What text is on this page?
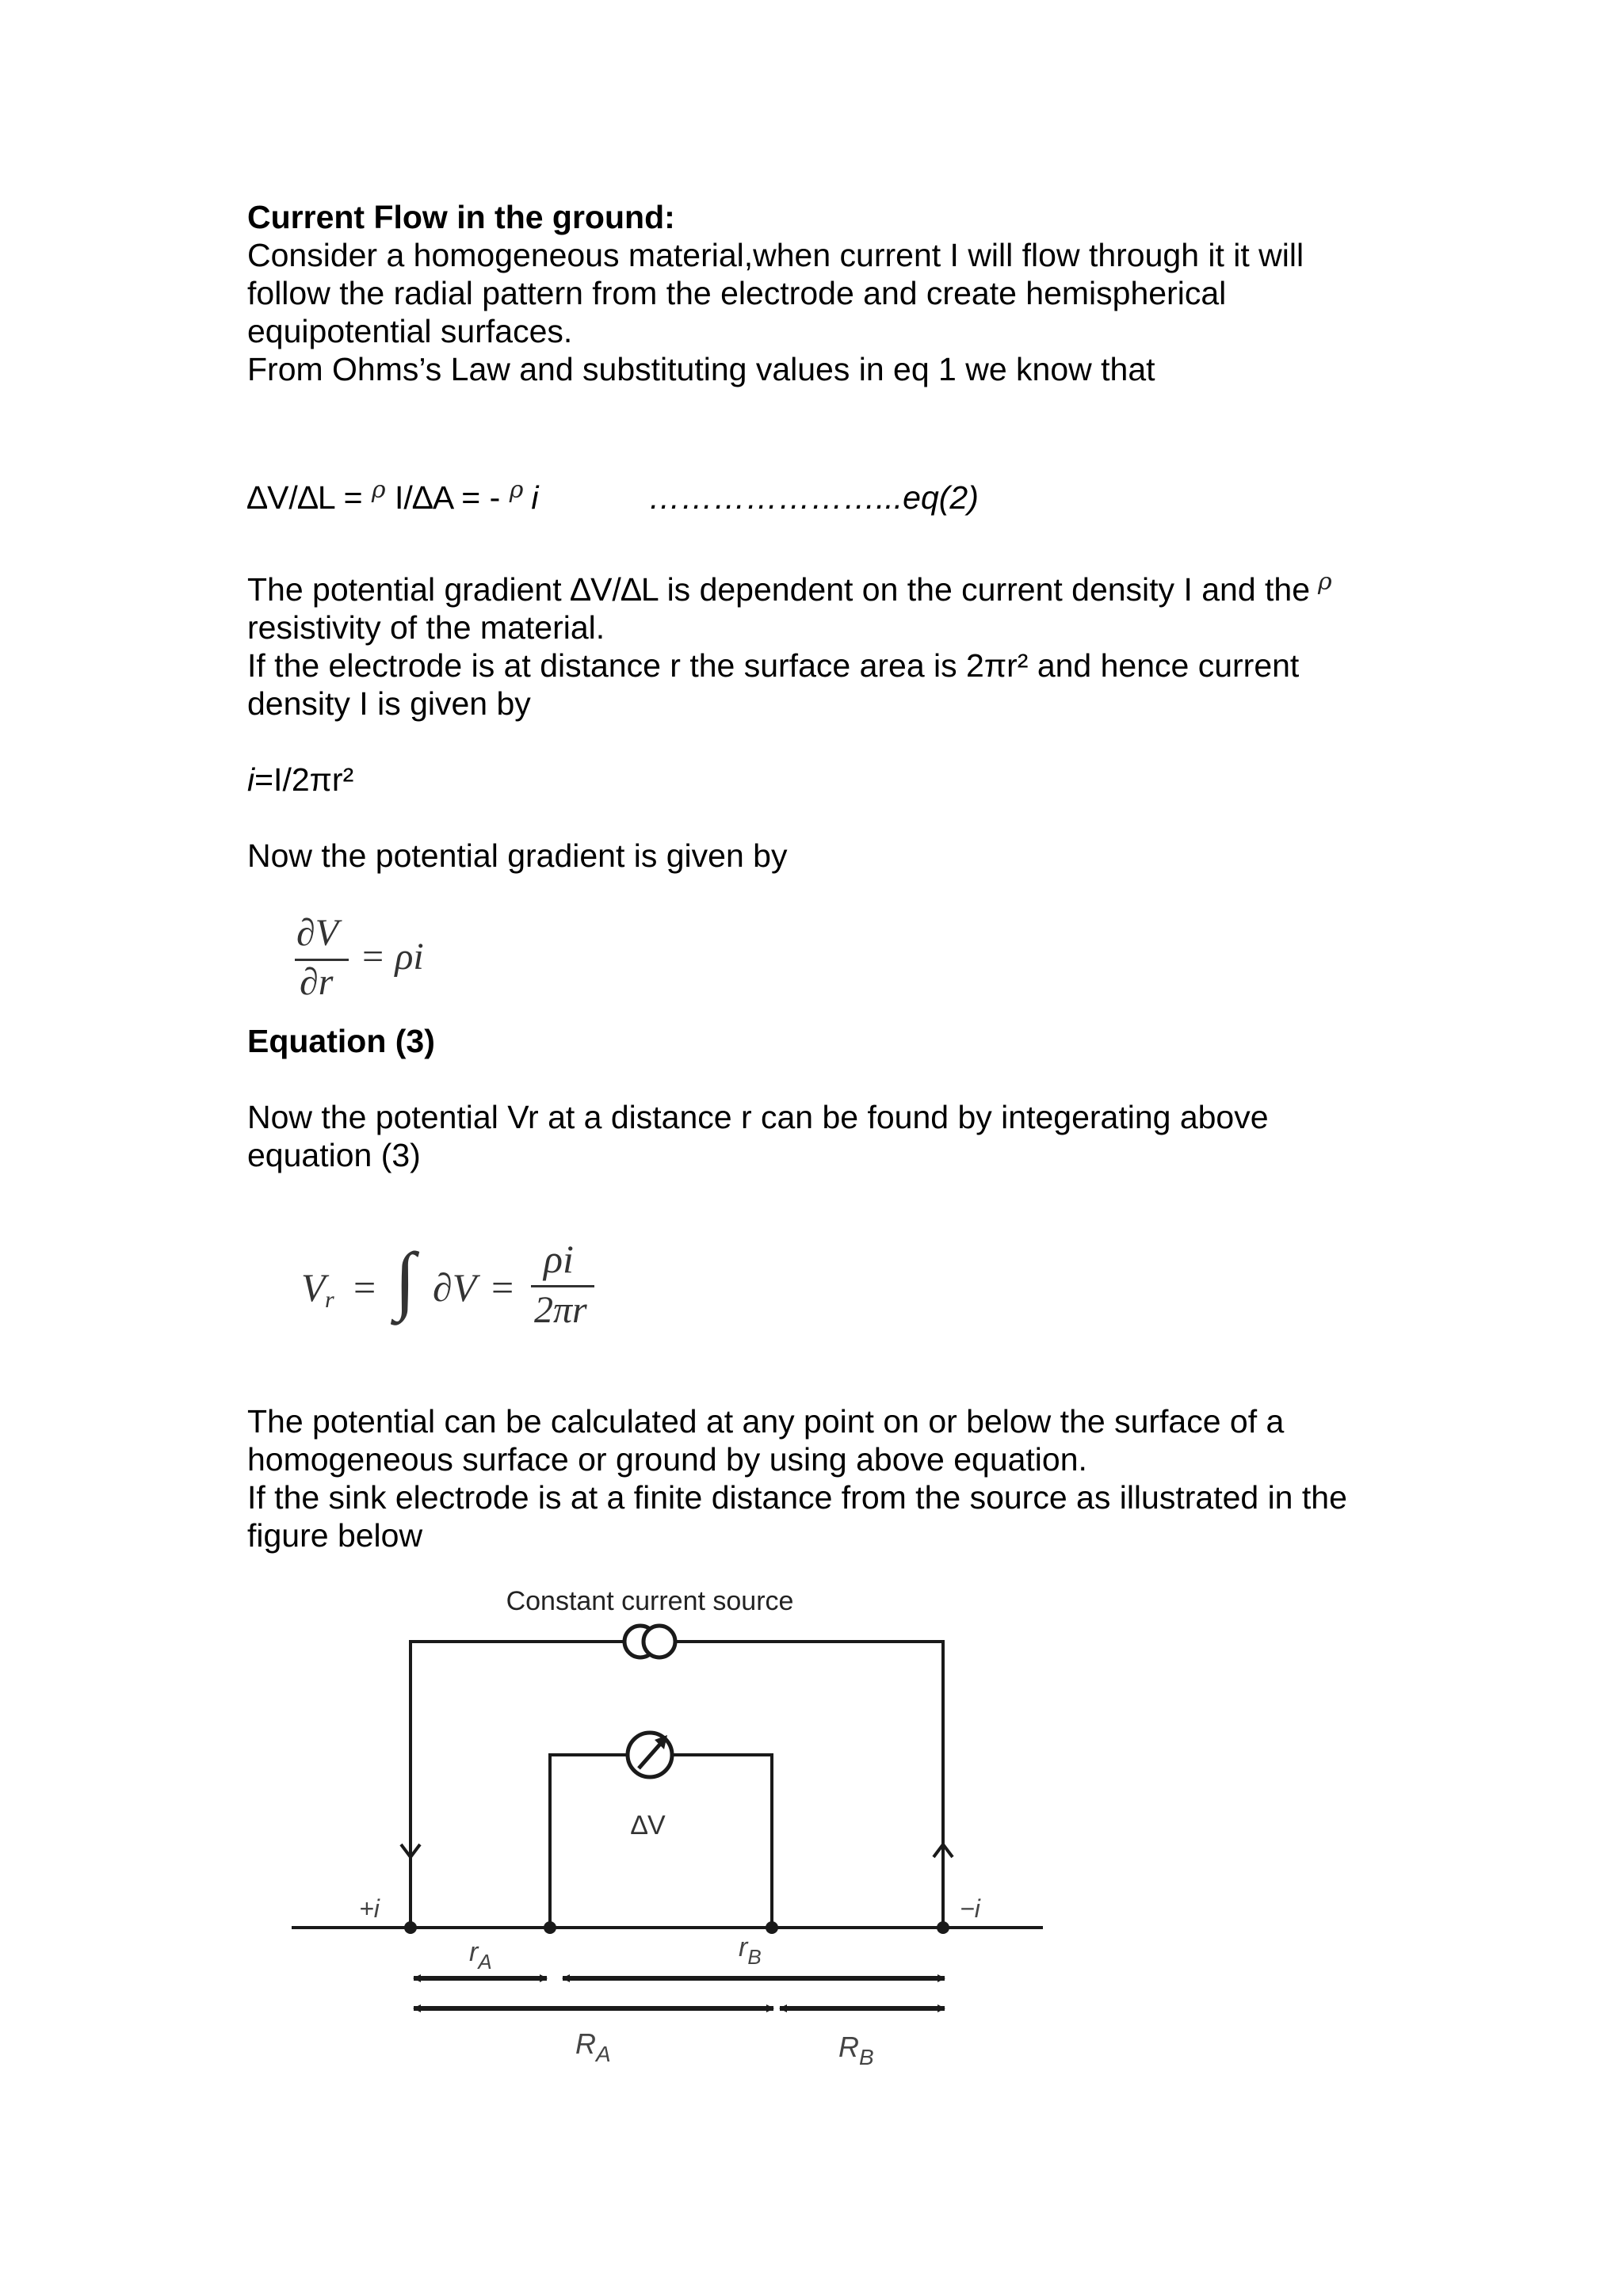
Current Flow in the ground:
Consider a homogeneous material,when current I will flow through it it will
follow the radial pattern from the electrode and create hemispherical
equipotential surfaces.
From Ohms’s Law and substituting values in eq 1 we know that
∆V/∆L = $^\rho$ I/∆A = - $^\rho$ i	…………………...eq(2)
The potential gradient ∆V/∆L is dependent on the current density I and the $^\rho$
resistivity of the material.
If the electrode is at distance r the surface area is 2πr² and hence current
density I is given by
i=I/2πr²
Now the potential gradient is given by
∂V
∂r
= ρi
Equation (3)
Now the potential Vr at a distance r can be found by integerating above
equation (3)
V r = ∫ ∂V =
ρi
2πr
The potential can be calculated at any point on or below the surface of a
homogeneous surface or ground by using above equation.
If the sink electrode is at a finite distance from the source as illustrated in the
figure below
Constant current source
∆V
+i	−i
$r_A$	$r_B$
$R_A$	$R_B$
